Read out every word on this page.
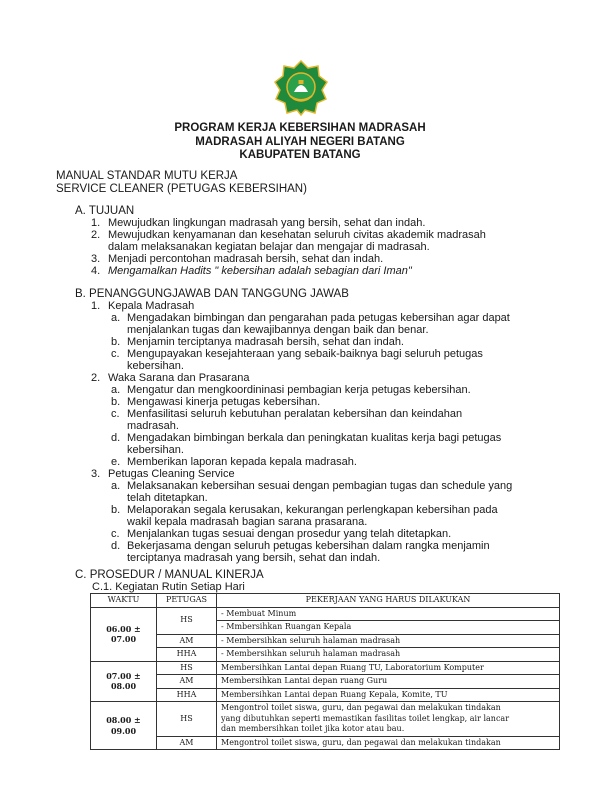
PROGRAM KERJA KEBERSIHAN MADRASAH
MADRASAH ALIYAH NEGERI BATANG
KABUPATEN BATANG
MANUAL STANDAR MUTU KERJA
SERVICE CLEANER (PETUGAS KEBERSIHAN)
A. TUJUAN
1. Mewujudkan lingkungan madrasah yang bersih, sehat dan indah.
2. Mewujudkan kenyamanan dan kesehatan seluruh civitas akademik madrasah
dalam melaksanakan kegiatan belajar dan mengajar di madrasah.
3. Menjadi percontohan madrasah bersih, sehat dan indah.
4. Mengamalkan Hadits " kebersihan adalah sebagian dari Iman"
B. PENANGGUNGJAWAB DAN TANGGUNG JAWAB
1. Kepala Madrasah
a. Mengadakan bimbingan dan pengarahan pada petugas kebersihan agar dapat
menjalankan tugas dan kewajibannya dengan baik dan benar.
b. Menjamin terciptanya madrasah bersih, sehat dan indah.
c. Mengupayakan kesejahteraan yang sebaik-baiknya bagi seluruh petugas
kebersihan.
2. Waka Sarana dan Prasarana
a. Mengatur dan mengkoordininasi pembagian kerja petugas kebersihan.
b. Mengawasi kinerja petugas kebersihan.
c. Menfasilitasi seluruh kebutuhan peralatan kebersihan dan keindahan
madrasah.
d. Mengadakan bimbingan berkala dan peningkatan kualitas kerja bagi petugas
kebersihan.
e. Memberikan laporan kepada kepala madrasah.
3. Petugas Cleaning Service
a. Melaksanakan kebersihan sesuai dengan pembagian tugas dan schedule yang
telah ditetapkan.
b. Melaporakan segala kerusakan, kekurangan perlengkapan kebersihan pada
wakil kepala madrasah bagian sarana prasarana.
c. Menjalankan tugas sesuai dengan prosedur yang telah ditetapkan.
d. Bekerjasama dengan seluruh petugas kebersihan dalam rangka menjamin
terciptanya madrasah yang bersih, sehat dan indah.
C. PROSEDUR / MANUAL KINERJA
C.1. Kegiatan Rutin Setiap Hari
WAKTU	PETUGAS	PEKERJAAN YANG HARUS DILAKUKAN
06.00 ± 07.00	HS	- Membuat Minum
		- Mmbersihkan Ruangan Kepala
	AM	- Membersihkan seluruh halaman madrasah
	HHA	- Membersihkan seluruh halaman madrasah
07.00 ± 08.00	HS	Membersihkan Lantai depan Ruang TU, Laboratorium Komputer
	AM	Membersihkan Lantai depan ruang Guru
	HHA	Membersihkan Lantai depan Ruang Kepala, Komite, TU
08.00 ± 09.00	HS	Mengontrol toilet siswa, guru, dan pegawai dan melakukan tindakan
yang dibutuhkan seperti memastikan fasilitas toilet lengkap, air lancar
dan membersihkan toilet jika kotor atau bau.

	AM	Mengontrol toilet siswa, guru, dan pegawai dan melakukan tindakan
